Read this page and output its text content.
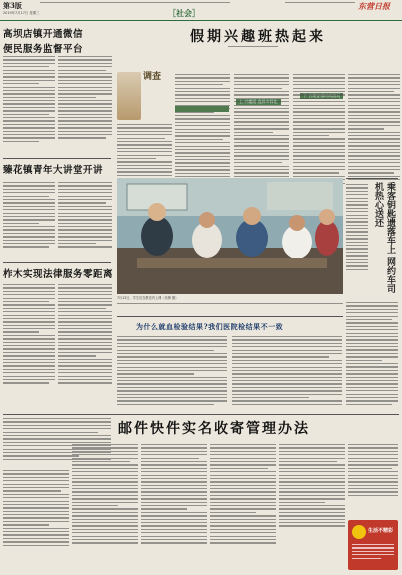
第3版
2019年7月17日 星期三	［社会］
东营日报
高坝店镇开通微信
便民服务监督平台
假期兴趣班热起来
调查
臻花镇青年大讲堂开讲
柞木实现法律服务零距离
7月13日，学生们在教室内上课（吴锋 摄）
乘客钥匙遗落车上 网约车司机热心送还
为什么就血检验结果?我们医院检结果不一致
邮件快件实名收寄管理办法
生活不精彩
